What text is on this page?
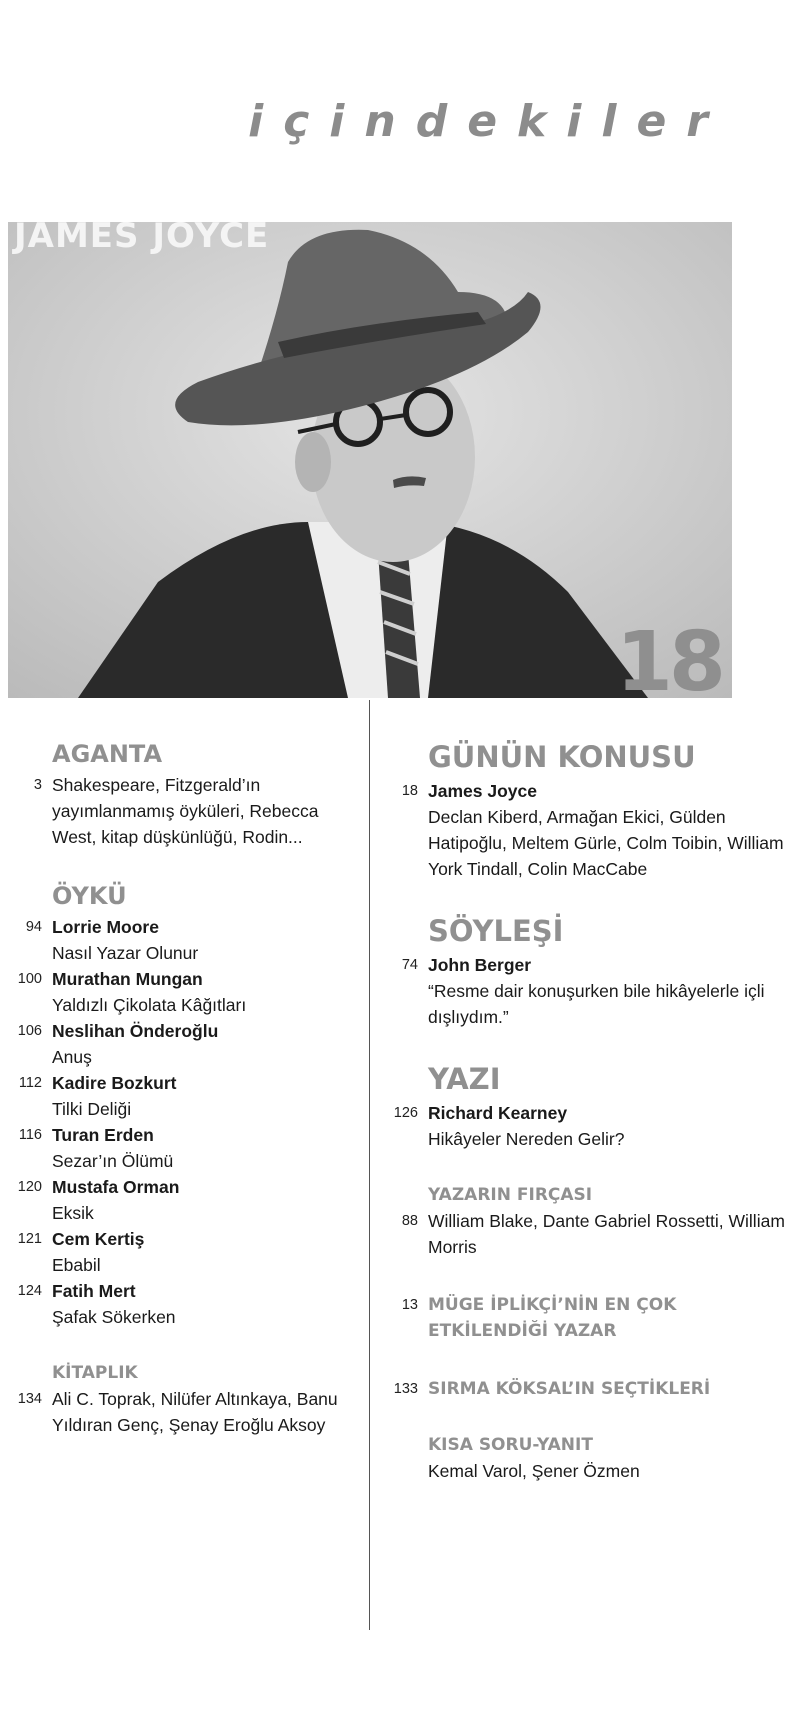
içindekiler
JAMES JOYCE
18
AGANTA
3 Shakespeare, Fitzgerald’ın yayımlanmamış öyküleri, Rebecca West, kitap düşkünlüğü, Rodin...
ÖYKÜ
94 Lorrie Moore
Nasıl Yazar Olunur
100 Murathan Mungan
Yaldızlı Çikolata Kâğıtları
106 Neslihan Önderoğlu
Anuş
112 Kadire Bozkurt
Tilki Deliği
116 Turan Erden
Sezar’ın Ölümü
120 Mustafa Orman
Eksik
121 Cem Kertiş
Ebabil
124 Fatih Mert
Şafak Sökerken
KİTAPLIK
134 Ali C. Toprak, Nilüfer Altınkaya, Banu Yıldıran Genç, Şenay Eroğlu Aksoy
GÜNÜN KONUSU
18 James Joyce
Declan Kiberd, Armağan Ekici, Gülden Hatipoğlu, Meltem Gürle, Colm Toibin, William York Tindall, Colin MacCabe
SÖYLEŞİ
74 John Berger
“Resme dair konuşurken bile hikâyelerle içli dışlıydım.”
YAZI
126 Richard Kearney
Hikâyeler Nereden Gelir?
YAZARIN FIRÇASI
88 William Blake, Dante Gabriel Rossetti, William Morris
13 MÜGE İPLİKÇİ’NİN EN ÇOK ETKİLENDİĞİ YAZAR
133 SIRMA KÖKSAL’IN SEÇTİKLERİ
KISA SORU-YANIT
Kemal Varol, Şener Özmen
